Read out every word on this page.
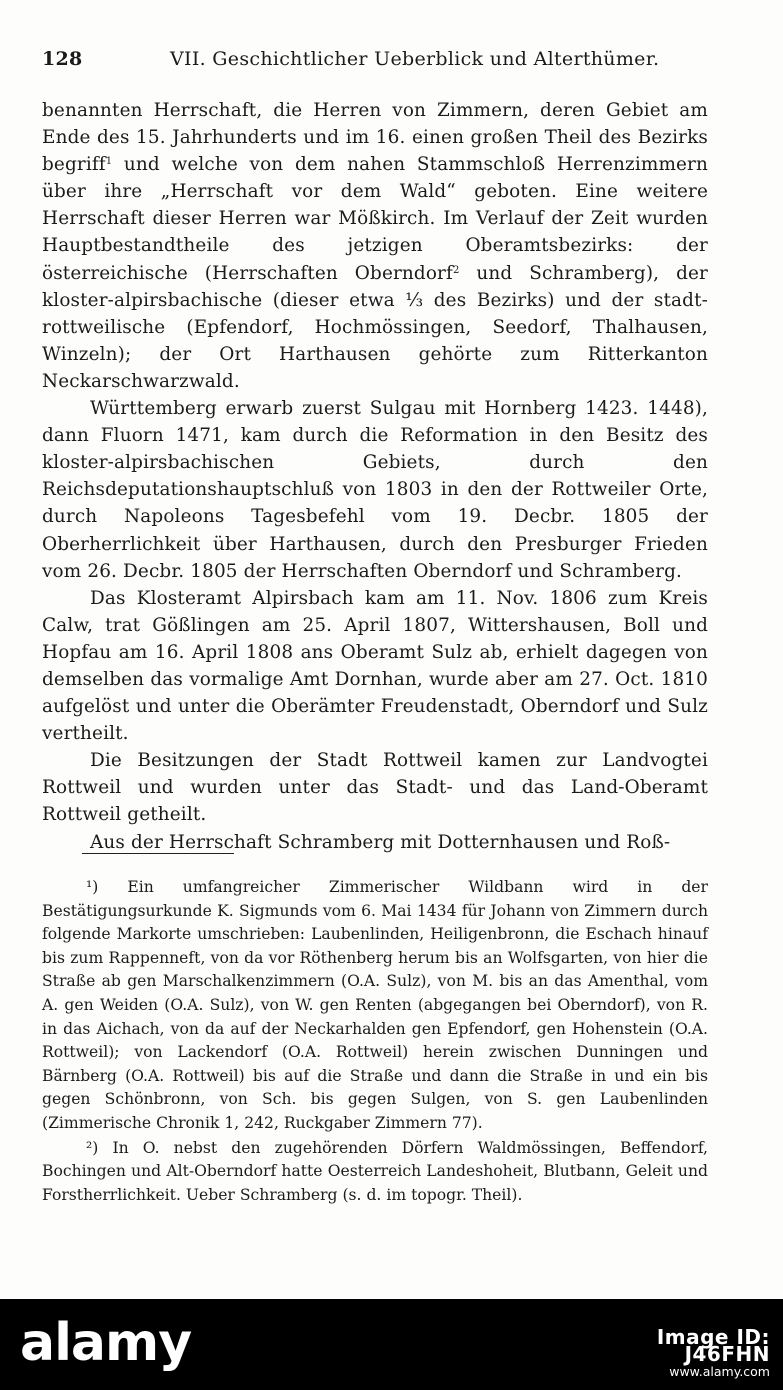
128	VII. Geschichtlicher Ueberblick und Alterthümer.

benannten Herrschaft, die Herren von Zimmern, deren Gebiet am Ende des 15. Jahrhunderts und im 16. einen großen Theil des Bezirks begriff$^1$ und welche von dem nahen Stammschloß Herrenzimmern über ihre „Herrschaft vor dem Wald“ geboten. Eine weitere Herrschaft dieser Herren war Mößkirch. Im Verlauf der Zeit wurden Hauptbestandtheile des jetzigen Oberamtsbezirks: der österreichische (Herrschaften Oberndorf$^2$ und Schramberg), der kloster-alpirsbachische (dieser etwa ⅓ des Bezirks) und der stadt-rottweilische (Epfendorf, Hochmössingen, Seedorf, Thalhausen, Winzeln); der Ort Harthausen gehörte zum Ritterkanton Neckarschwarzwald.

Württemberg erwarb zuerst Sulgau mit Hornberg 1423. 1448), dann Fluorn 1471, kam durch die Reformation in den Besitz des kloster-alpirsbachischen Gebiets, durch den Reichsdeputationshauptschluß von 1803 in den der Rottweiler Orte, durch Napoleons Tagesbefehl vom 19. Decbr. 1805 der Oberherrlichkeit über Harthausen, durch den Presburger Frieden vom 26. Decbr. 1805 der Herrschaften Oberndorf und Schramberg.

Das Klosteramt Alpirsbach kam am 11. Nov. 1806 zum Kreis Calw, trat Gößlingen am 25. April 1807, Wittershausen, Boll und Hopfau am 16. April 1808 ans Oberamt Sulz ab, erhielt dagegen von demselben das vormalige Amt Dornhan, wurde aber am 27. Oct. 1810 aufgelöst und unter die Oberämter Freudenstadt, Oberndorf und Sulz vertheilt.

Die Besitzungen der Stadt Rottweil kamen zur Landvogtei Rottweil und wurden unter das Stadt- und das Land-Oberamt Rottweil getheilt.

Aus der Herrschaft Schramberg mit Dotternhausen und Roß-

¹) Ein umfangreicher Zimmerischer Wildbann wird in der Bestätigungsurkunde K. Sigmunds vom 6. Mai 1434 für Johann von Zimmern durch folgende Markorte umschrieben: Laubenlinden, Heiligenbronn, die Eschach hinauf bis zum Rappenneft, von da vor Röthenberg herum bis an Wolfsgarten, von hier die Straße ab gen Marschalkenzimmern (O.A. Sulz), von M. bis an das Amenthal, vom A. gen Weiden (O.A. Sulz), von W. gen Renten (abgegangen bei Oberndorf), von R. in das Aichach, von da auf der Neckarhalden gen Epfendorf, gen Hohenstein (O.A. Rottweil); von Lackendorf (O.A. Rottweil) herein zwischen Dunningen und Bärnberg (O.A. Rottweil) bis auf die Straße und dann die Straße in und ein bis gegen Schönbronn, von Sch. bis gegen Sulgen, von S. gen Laubenlinden (Zimmerische Chronik 1, 242, Ruckgaber Zimmern 77).

²) In O. nebst den zugehörenden Dörfern Waldmössingen, Beffendorf, Bochingen und Alt-Oberndorf hatte Oesterreich Landeshoheit, Blutbann, Geleit und Forstherrlichkeit. Ueber Schramberg (s. d. im topogr. Theil).

alamy	Image ID: J46FHN
www.alamy.com
